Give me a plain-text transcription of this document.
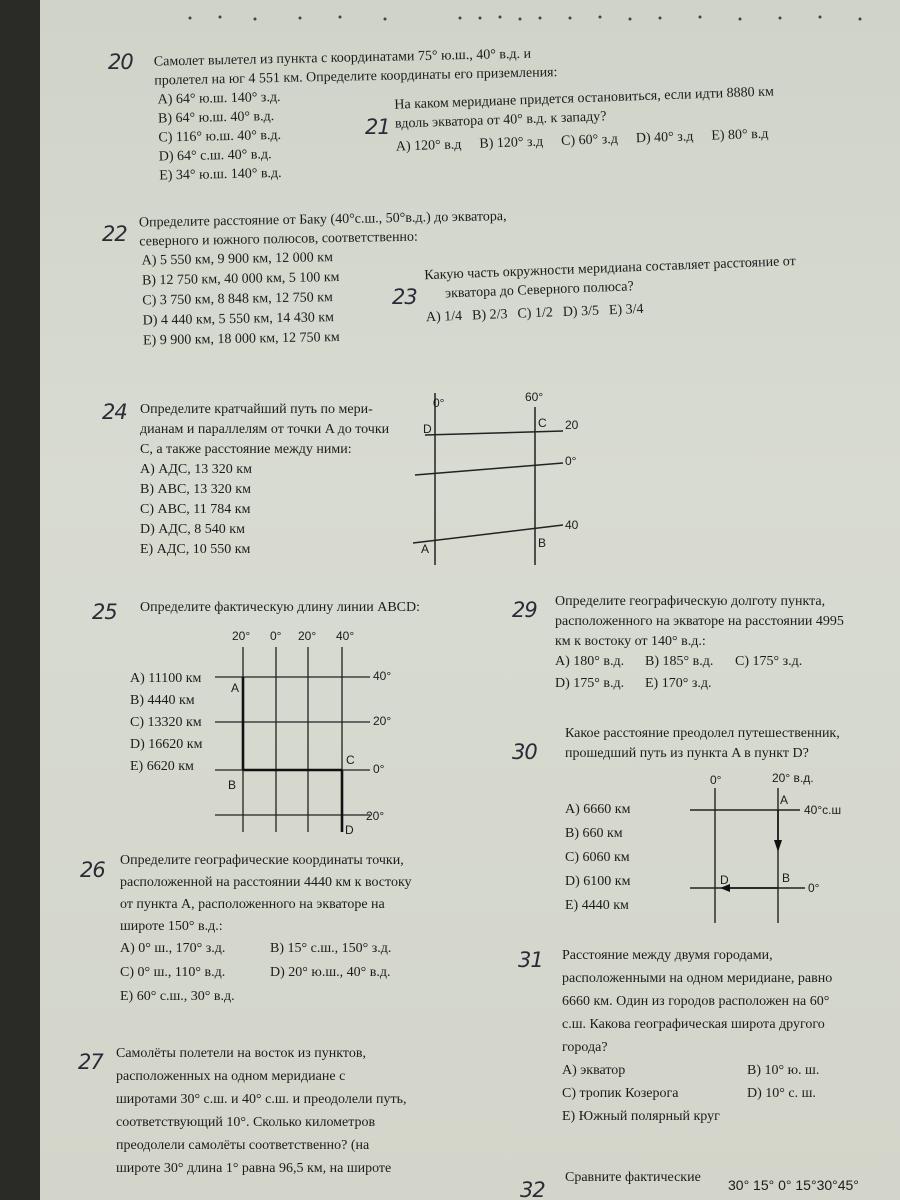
20 Самолет вылетел из пункта с координатами 75° ю.ш., 40° в.д. и
пролетел на юг 4 551 км. Определите координаты его приземления:
A) 64° ю.ш. 140° з.д.
B) 64° ю.ш. 40° в.д.
C) 116° ю.ш. 40° в.д.
D) 64° с.ш. 40° в.д.
E) 34° ю.ш. 140° в.д.
21
На каком меридиане придется остановиться, если идти 8880 км
вдоль экватора от 40° в.д. к западу?
A) 120° в.д B) 120° з.д C) 60° з.д D) 40° з.д E) 80° в.д
22
Определите расстояние от Баку (40°с.ш., 50°в.д.) до экватора,
северного и южного полюсов, соответственно:
A) 5 550 км, 9 900 км, 12 000 км
B) 12 750 км, 40 000 км, 5 100 км
C) 3 750 км, 8 848 км, 12 750 км
D) 4 440 км, 5 550 км, 14 430 км
E) 9 900 км, 18 000 км, 12 750 км
23
Какую часть окружности меридиана составляет расстояние от
экватора до Северного полюса?
A) 1/4 B) 2/3 C) 1/2 D) 3/5 E) 3/4
24 Определите кратчайший путь по мери-
дианам и параллелям от точки A до точки
C, а также расстояние между ними:
A) АДС, 13 320 км
B) АВС, 13 320 км
C) АВС, 11 784 км
D) АДС, 8 540 км
E) АДС, 10 550 км
0°	60°
20
0°
40
D	C
A	B
25 Определите фактическую длину линии ABCD:
A) 11100 км
B) 4440 км
C) 13320 км
D) 16620 км
E) 6620 км
20° 0° 20° 40°
40°
20°
0°
20°
A
B
C
D
26 Определите географические координаты точки,
расположенной на расстоянии 4440 км к востоку
от пункта A, расположенного на экваторе на
широте 150° в.д.:
A) 0° ш., 170° з.д.	B) 15° с.ш., 150° з.д.
C) 0° ш., 110° в.д.	D) 20° ю.ш., 40° в.д.
E) 60° с.ш., 30° в.д.
27 Самолёты полетели на восток из пунктов,
расположенных на одном меридиане с
широтами 30° с.ш. и 40° с.ш. и преодолели путь,
соответствующий 10°. Сколько километров
преодолели самолёты соответственно? (на
широте 30° длина 1° равна 96,5 км, на широте
29 Определите географическую долготу пункта,
расположенного на экваторе на расстоянии 4995
км к востоку от 140° в.д.:
A) 180° в.д.	B) 185° в.д.	C) 175° з.д.
D) 175° в.д.	E) 170° з.д.
30
Какое расстояние преодолел путешественник,
прошедший путь из пункта A в пункт D?
A) 6660 км
B) 660 км
C) 6060 км
D) 6100 км
E) 4440 км
0°	20° в.д.
40°с.ш
0°
A
B
D
31 Расстояние между двумя городами,
расположенными на одном меридиане, равно
6660 км. Один из городов расположен на 60°
с.ш. Какова географическая широта другого
города?
A) экватор	B) 10° ю. ш.
C) тропик Козерога	D) 10° с. ш.
E) Южный полярный круг
32
Сравните фактические 30° 15° 0° 15°30°45°
